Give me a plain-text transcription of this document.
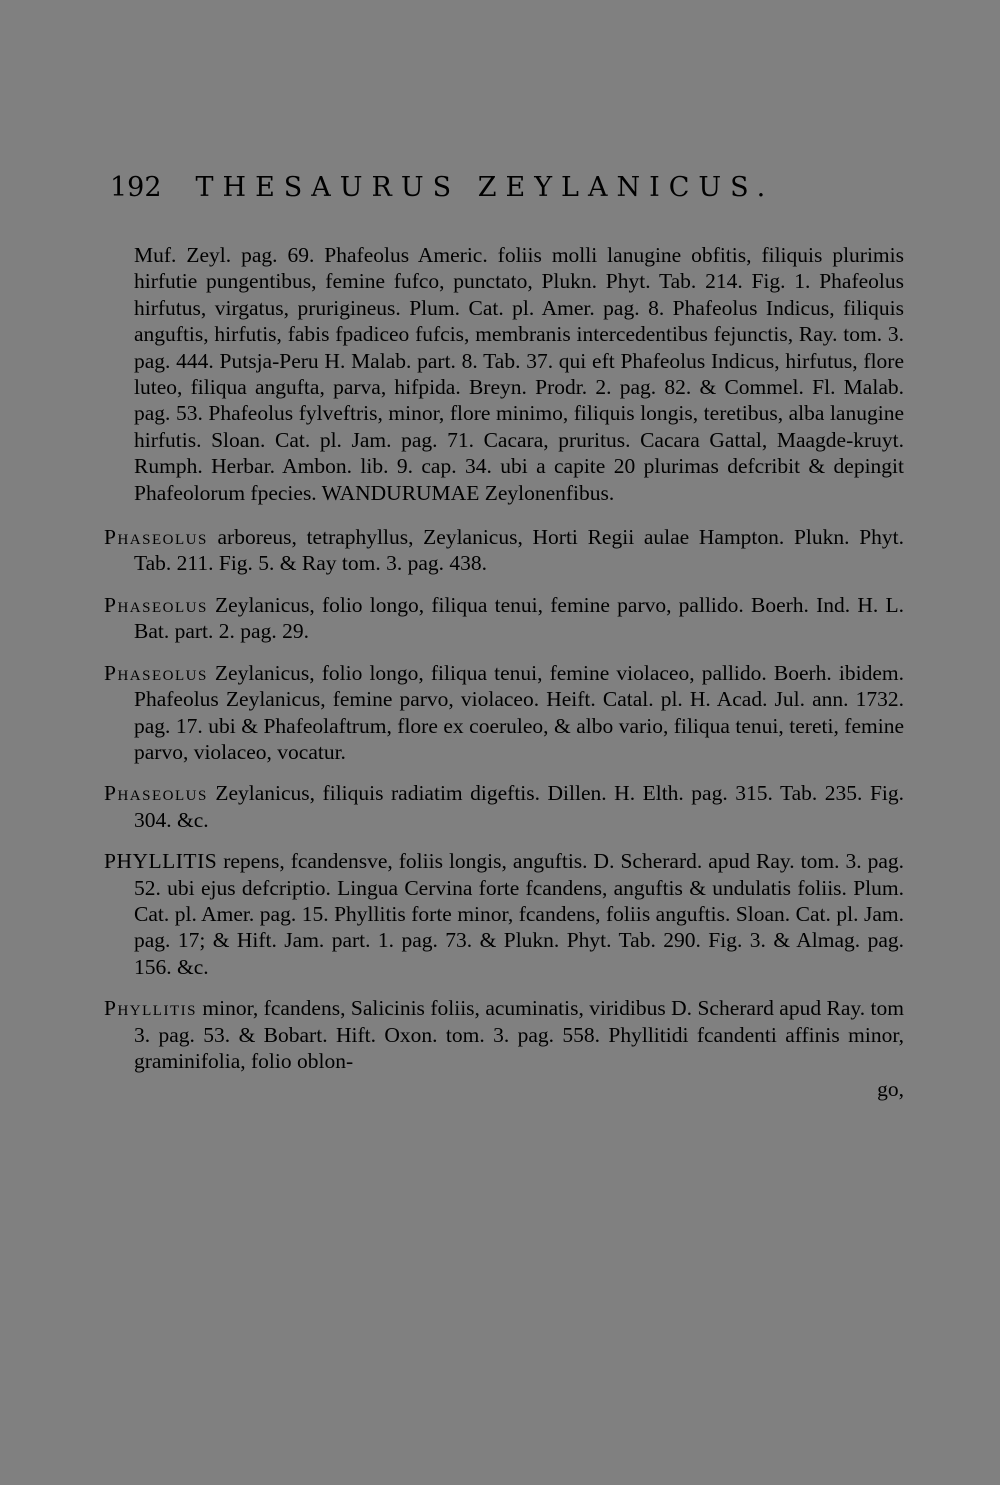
192 THESAURUS ZEYLANICUS.

Muf. Zeyl. pag. 69. Phafeolus Americ. foliis molli lanugine obfitis, filiquis plurimis hirfutie pungentibus, femine fufco, punctato, Plukn. Phyt. Tab. 214. Fig. 1. Phafeolus hirfutus, virgatus, prurigineus. Plum. Cat. pl. Amer. pag. 8. Phafeolus Indicus, filiquis anguftis, hirfutis, fabis fpadiceo fufcis, membranis intercedentibus fejunctis, Ray. tom. 3. pag. 444. Putsja-Peru H. Malab. part. 8. Tab. 37. qui eft Phafeolus Indicus, hirfutus, flore luteo, filiqua angufta, parva, hifpida. Breyn. Prodr. 2. pag. 82. & Commel. Fl. Malab. pag. 53. Phafeolus fylveftris, minor, flore minimo, filiquis longis, teretibus, alba lanugine hirfutis. Sloan. Cat. pl. Jam. pag. 71. Cacara, pruritus. Cacara Gattal, Maagde-kruyt. Rumph. Herbar. Ambon. lib. 9. cap. 34. ubi a capite 20 plurimas defcribit & depingit Phafeolorum fpecies. WANDURUMAE Zeylonenfibus.

Phaseolus arboreus, tetraphyllus, Zeylanicus, Horti Regii aulae Hampton. Plukn. Phyt. Tab. 211. Fig. 5. & Ray tom. 3. pag. 438.

Phaseolus Zeylanicus, folio longo, filiqua tenui, femine parvo, pallido. Boerh. Ind. H. L. Bat. part. 2. pag. 29.

Phaseolus Zeylanicus, folio longo, filiqua tenui, femine violaceo, pallido. Boerh. ibidem. Phafeolus Zeylanicus, femine parvo, violaceo. Heift. Catal. pl. H. Acad. Jul. ann. 1732. pag. 17. ubi & Phafeolaftrum, flore ex coeruleo, & albo vario, filiqua tenui, tereti, femine parvo, violaceo, vocatur.

Phaseolus Zeylanicus, filiquis radiatim digeftis. Dillen. H. Elth. pag. 315. Tab. 235. Fig. 304. &c.

PHYLLITIS repens, fcandensve, foliis longis, anguftis. D. Scherard. apud Ray. tom. 3. pag. 52. ubi ejus defcriptio. Lingua Cervina forte fcandens, anguftis & undulatis foliis. Plum. Cat. pl. Amer. pag. 15. Phyllitis forte minor, fcandens, foliis anguftis. Sloan. Cat. pl. Jam. pag. 17; & Hift. Jam. part. 1. pag. 73. & Plukn. Phyt. Tab. 290. Fig. 3. & Almag. pag. 156. &c.

Phyllitis minor, fcandens, Salicinis foliis, acuminatis, viridibus D. Scherard apud Ray. tom 3. pag. 53. & Bobart. Hift. Oxon. tom. 3. pag. 558. Phyllitidi fcandenti affinis minor, graminifolia, folio oblon-
go,
